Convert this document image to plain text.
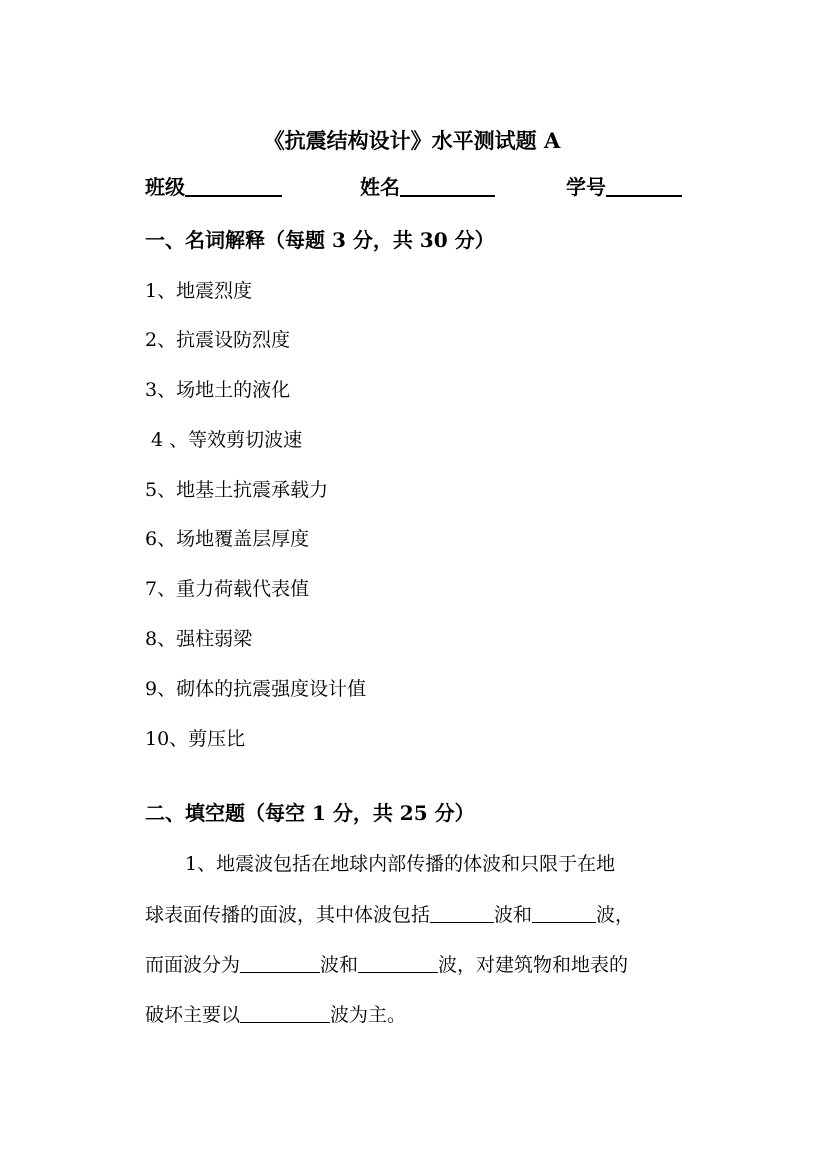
《抗震结构设计》水平测试题 A
班级	姓名	学号
一、名词解释（每题 3 分，共 30 分）
1、地震烈度
2、抗震设防烈度
3、场地土的液化
4 、等效剪切波速
5、地基土抗震承载力
6、场地覆盖层厚度
7、重力荷载代表值
8、强柱弱梁
9、砌体的抗震强度设计值
10、剪压比
二、填空题（每空 1 分，共 25 分）
1、地震波包括在地球内部传播的体波和只限于在地
球表面传播的面波，其中体波包括	波和	波，
而面波分为	波和	波，对建筑物和地表的
破坏主要以	波为主。
